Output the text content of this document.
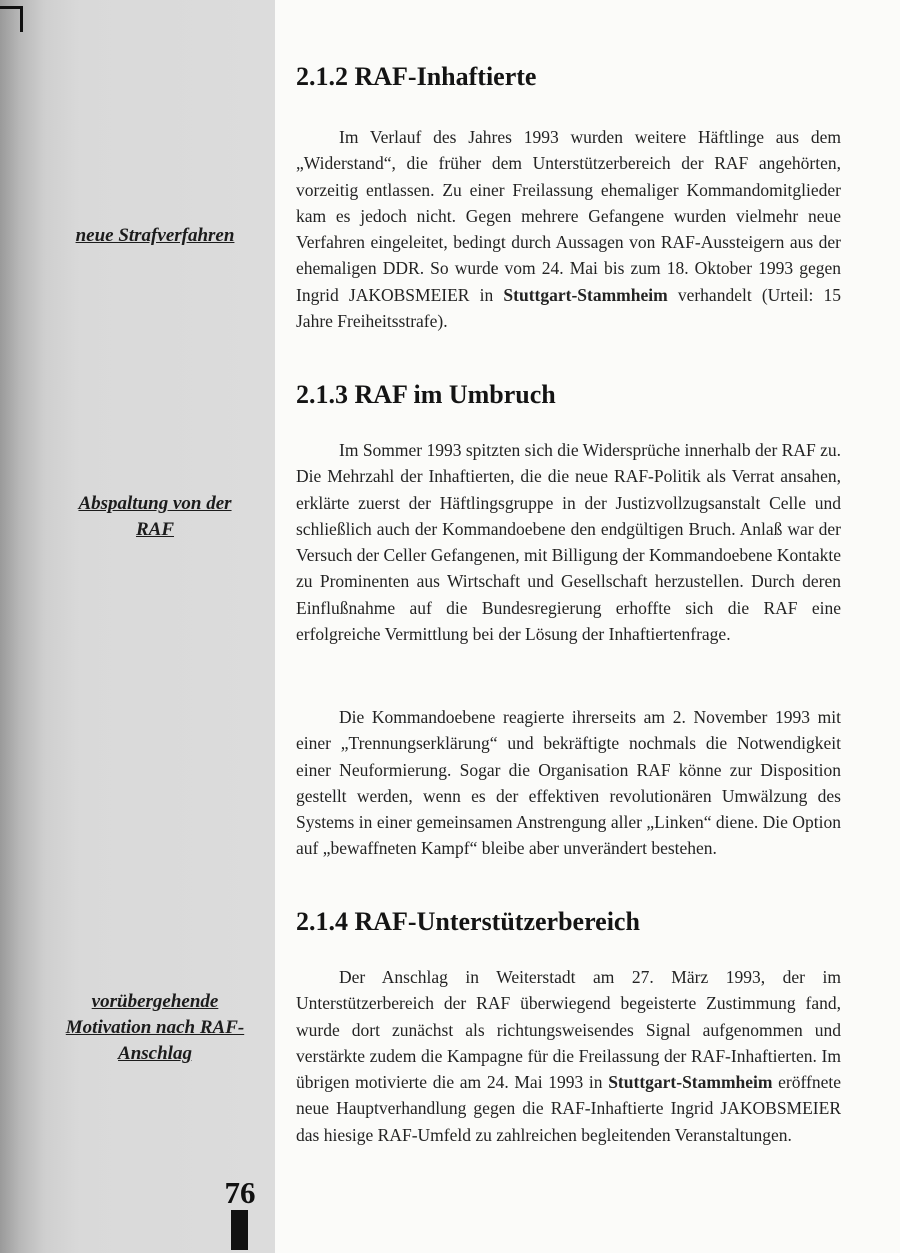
neue Strafverfahren
Abspaltung von der RAF
vorübergehende Motivation nach RAF-Anschlag
76
2.1.2 RAF-Inhaftierte

Im Verlauf des Jahres 1993 wurden weitere Häftlinge aus dem „Widerstand“, die früher dem Unterstützerbereich der RAF angehörten, vorzeitig entlassen. Zu einer Freilassung ehemaliger Kommandomitglieder kam es jedoch nicht. Gegen mehrere Gefangene wurden vielmehr neue Verfahren eingeleitet, bedingt durch Aussagen von RAF-Aussteigern aus der ehemaligen DDR. So wurde vom 24. Mai bis zum 18. Oktober 1993 gegen Ingrid JAKOBSMEIER in Stuttgart-Stammheim verhandelt (Urteil: 15 Jahre Freiheitsstrafe).

2.1.3 RAF im Umbruch

Im Sommer 1993 spitzten sich die Widersprüche innerhalb der RAF zu. Die Mehrzahl der Inhaftierten, die die neue RAF-Politik als Verrat ansahen, erklärte zuerst der Häftlingsgruppe in der Justizvollzugsanstalt Celle und schließlich auch der Kommandoebene den endgültigen Bruch. Anlaß war der Versuch der Celler Gefangenen, mit Billigung der Kommandoebene Kontakte zu Prominenten aus Wirtschaft und Gesellschaft herzustellen. Durch deren Einflußnahme auf die Bundesregierung erhoffte sich die RAF eine erfolgreiche Vermittlung bei der Lösung der Inhaftiertenfrage.

Die Kommandoebene reagierte ihrerseits am 2. November 1993 mit einer „Trennungserklärung“ und bekräftigte nochmals die Notwendigkeit einer Neuformierung. Sogar die Organisation RAF könne zur Disposition gestellt werden, wenn es der effektiven revolutionären Umwälzung des Systems in einer gemeinsamen Anstrengung aller „Linken“ diene. Die Option auf „bewaffneten Kampf“ bleibe aber unverändert bestehen.

2.1.4 RAF-Unterstützerbereich

Der Anschlag in Weiterstadt am 27. März 1993, der im Unterstützerbereich der RAF überwiegend begeisterte Zustimmung fand, wurde dort zunächst als richtungsweisendes Signal aufgenommen und verstärkte zudem die Kampagne für die Freilassung der RAF-Inhaftierten. Im übrigen motivierte die am 24. Mai 1993 in Stuttgart-Stammheim eröffnete neue Hauptverhandlung gegen die RAF-Inhaftierte Ingrid JAKOBSMEIER das hiesige RAF-Umfeld zu zahlreichen begleitenden Veranstaltungen.
